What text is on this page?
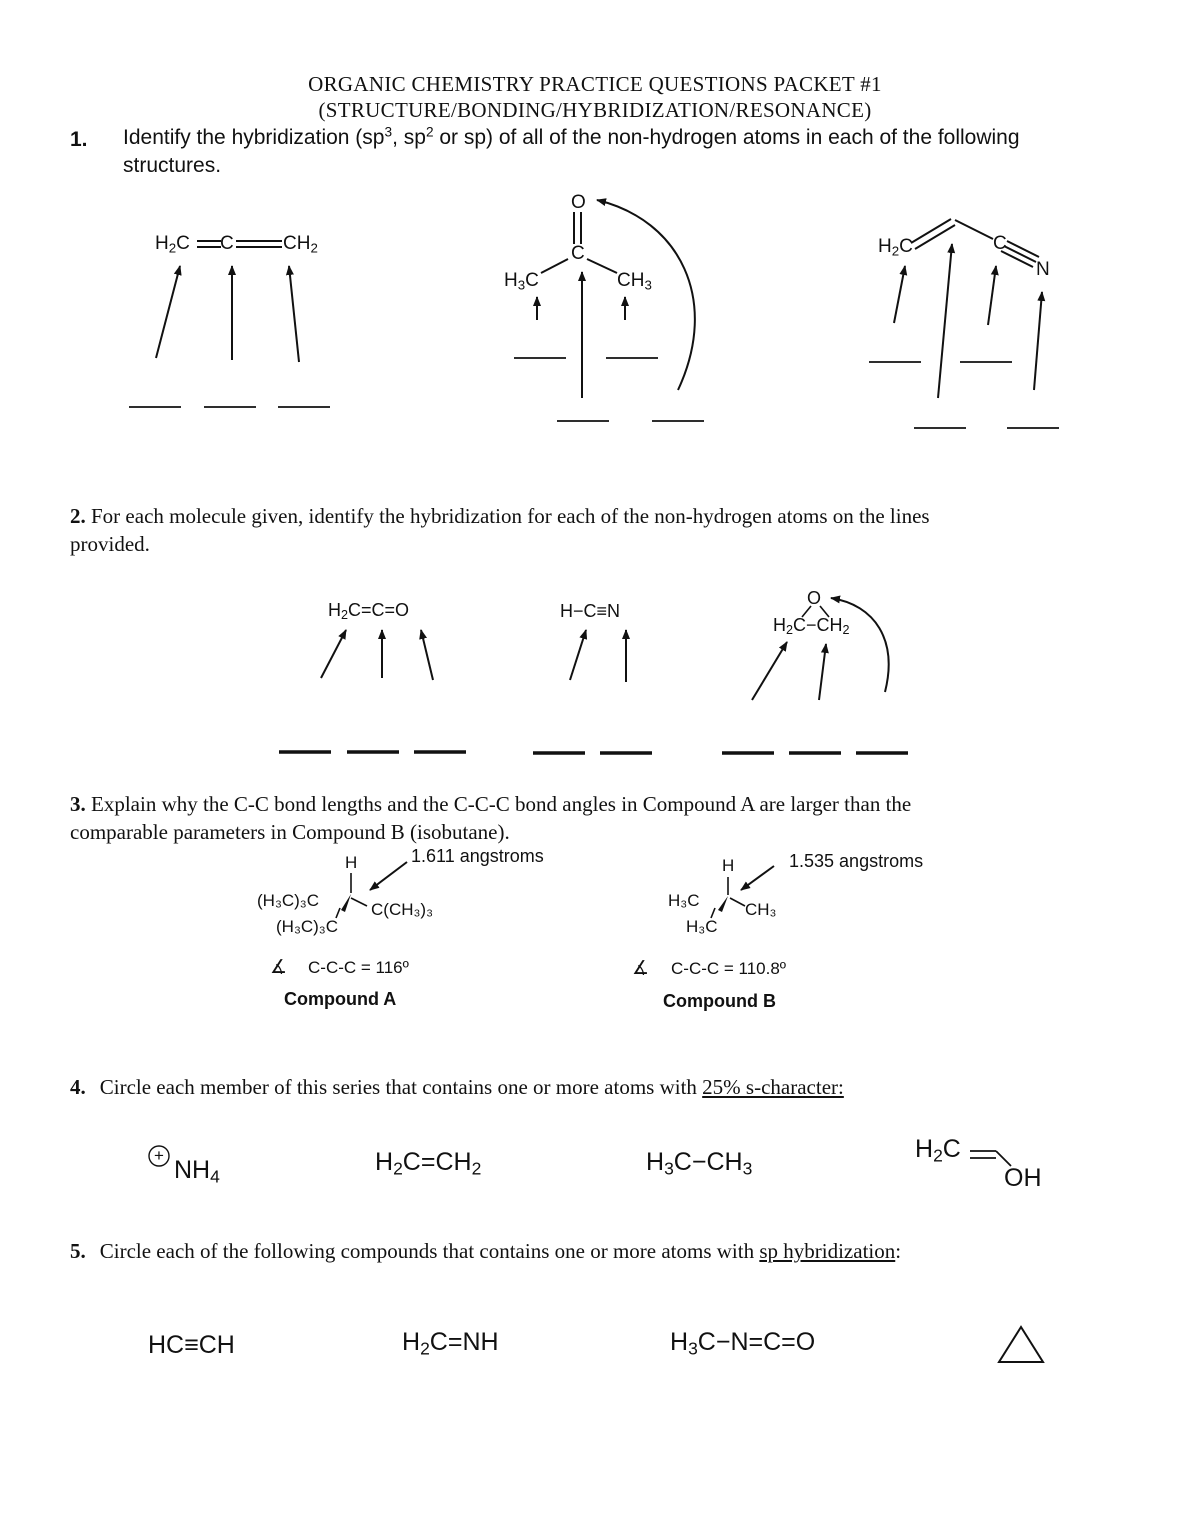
ORGANIC CHEMISTRY PRACTICE QUESTIONS PACKET #1
(STRUCTURE/BONDING/HYBRIDIZATION/RESONANCE)
1. Identify the hybridization ($sp^3$, $sp^2$ or sp) of all of the non-hydrogen atoms in each of the following
structures.
$H_2C$ C	$CH_2$
O
C
$H_3C$	$CH_3$
$H_2C$	C
N
2. For each molecule given, identify the hybridization for each of the non-hydrogen atoms on the lines
provided.
$H_2C=C=O$	H−C≡N
O
$H_2C-CH_2$
3. Explain why the C-C bond lengths and the C-C-C bond angles in Compound A are larger than the
comparable parameters in Compound B (isobutane).
1.611 angstroms
H
(H₃C)₃C	C(CH₃)₃
(H₃C)₃C
∡ C-C-C = 116º
Compound A
1.535 angstroms
H
H₃C	CH₃
H₃C
∡ C-C-C = 110.8º
Compound B
4. Circle each member of this series that contains one or more atoms with 25% s-character:
+
$NH_4$
$H_2C=CH_2$	$H_3C-CH_3$
$H_2C$
OH
5. Circle each of the following compounds that contains one or more atoms with sp hybridization:
HC≡CH	$H_2C=NH$	$H_3C-N=C=O$
